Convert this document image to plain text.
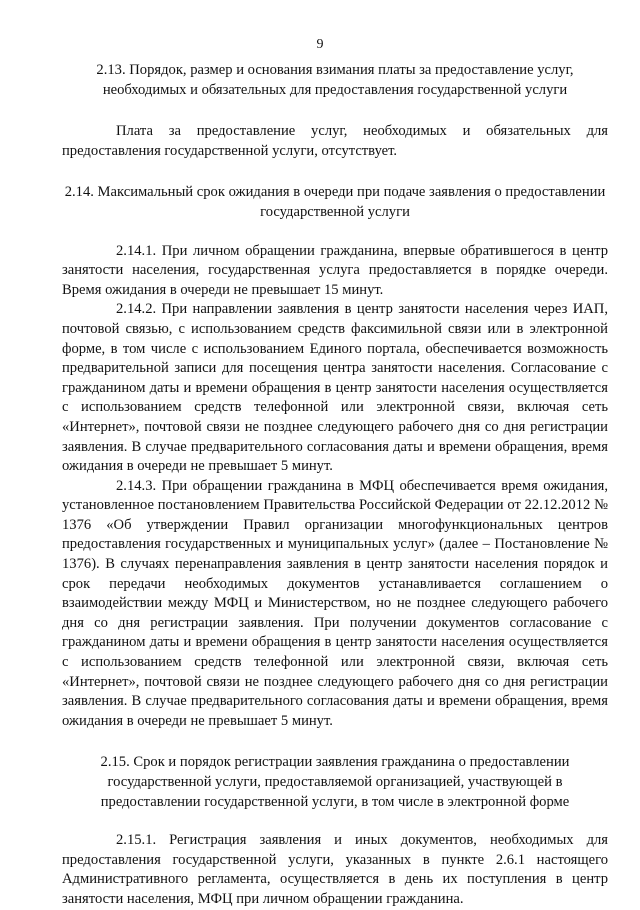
9

2.13. Порядок, размер и основания взимания платы за предоставление услуг, необходимых и обязательных для предоставления государственной услуги

Плата за предоставление услуг, необходимых и обязательных для предоставления государственной услуги, отсутствует.

2.14. Максимальный срок ожидания в очереди при подаче заявления о предоставлении государственной услуги

2.14.1. При личном обращении гражданина, впервые обратившегося в центр занятости населения, государственная услуга предоставляется в порядке очереди. Время ожидания в очереди не превышает 15 минут.

2.14.2. При направлении заявления в центр занятости населения через ИАП, почтовой связью, с использованием средств факсимильной связи или в электронной форме, в том числе с использованием Единого портала, обеспечивается возможность предварительной записи для посещения центра занятости населения. Согласование с гражданином даты и времени обращения в центр занятости населения осуществляется с использованием средств телефонной или электронной связи, включая сеть «Интернет», почтовой связи не позднее следующего рабочего дня со дня регистрации заявления. В случае предварительного согласования даты и времени обращения, время ожидания в очереди не превышает 5 минут.

2.14.3. При обращении гражданина в МФЦ обеспечивается время ожидания, установленное постановлением Правительства Российской Федерации от 22.12.2012 № 1376 «Об утверждении Правил организации многофункциональных центров предоставления государственных и муниципальных услуг» (далее – Постановление № 1376). В случаях перенаправления заявления в центр занятости населения порядок и срок передачи необходимых документов устанавливается соглашением о взаимодействии между МФЦ и Министерством, но не позднее следующего рабочего дня со дня регистрации заявления. При получении документов согласование с гражданином даты и времени обращения в центр занятости населения осуществляется с использованием средств телефонной или электронной связи, включая сеть «Интернет», почтовой связи не позднее следующего рабочего дня со дня регистрации заявления. В случае предварительного согласования даты и времени обращения, время ожидания в очереди не превышает 5 минут.

2.15. Срок и порядок регистрации заявления гражданина о предоставлении государственной услуги, предоставляемой организацией, участвующей в предоставлении государственной услуги, в том числе в электронной форме

2.15.1. Регистрация заявления и иных документов, необходимых для предоставления государственной услуги, указанных в пункте 2.6.1 настоящего Административного регламента, осуществляется в день их поступления в центр занятости населения, МФЦ при личном обращении гражданина.
